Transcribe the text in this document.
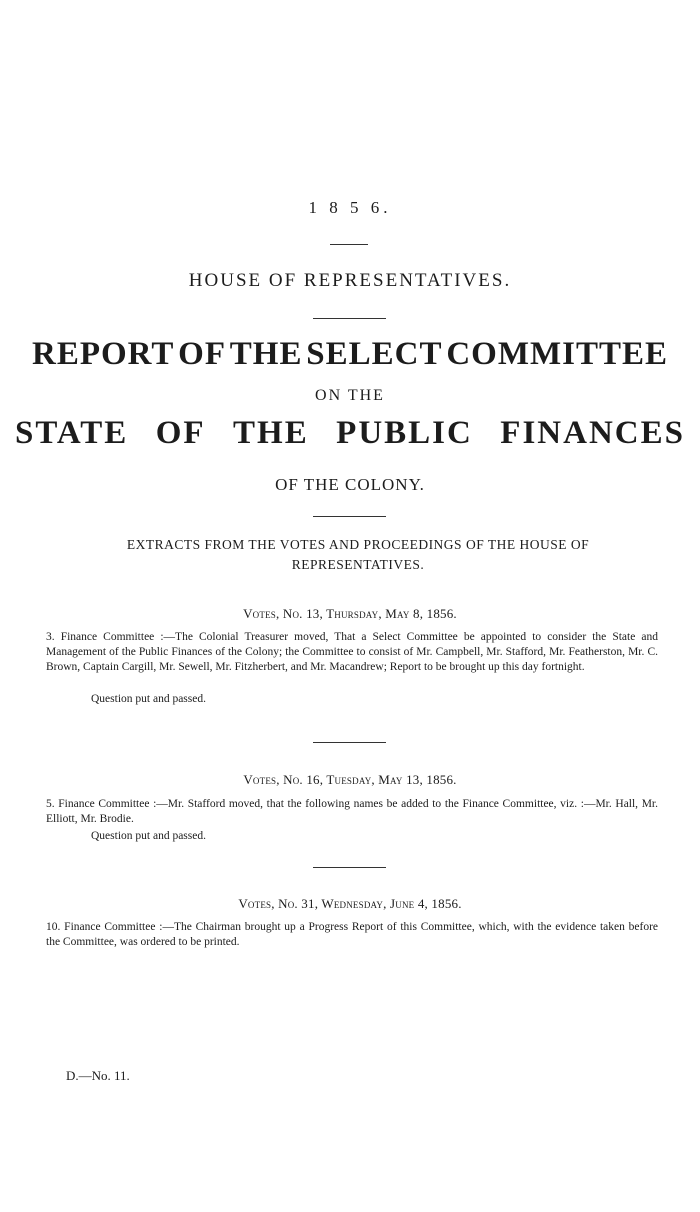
1 8 5 6.
HOUSE OF REPRESENTATIVES.
REPORT OF THE SELECT COMMITTEE
ON THE
STATE OF THE PUBLIC FINANCES
OF THE COLONY.
EXTRACTS FROM THE VOTES AND PROCEEDINGS OF THE HOUSE OF REPRESENTATIVES.
Votes, No. 13, Thursday, May 8, 1856.
3. Finance Committee :—The Colonial Treasurer moved, That a Select Committee be appointed to consider the State and Management of the Public Finances of the Colony; the Committee to consist of Mr. Campbell, Mr. Stafford, Mr. Featherston, Mr. C. Brown, Captain Cargill, Mr. Sewell, Mr. Fitzherbert, and Mr. Macandrew; Report to be brought up this day fortnight.
Question put and passed.
Votes, No. 16, Tuesday, May 13, 1856.
5. Finance Committee :—Mr. Stafford moved, that the following names be added to the Finance Committee, viz. :—Mr. Hall, Mr. Elliott, Mr. Brodie.
Question put and passed.
Votes, No. 31, Wednesday, June 4, 1856.
10. Finance Committee :—The Chairman brought up a Progress Report of this Committee, which, with the evidence taken before the Committee, was ordered to be printed.
D.—No. 11.
